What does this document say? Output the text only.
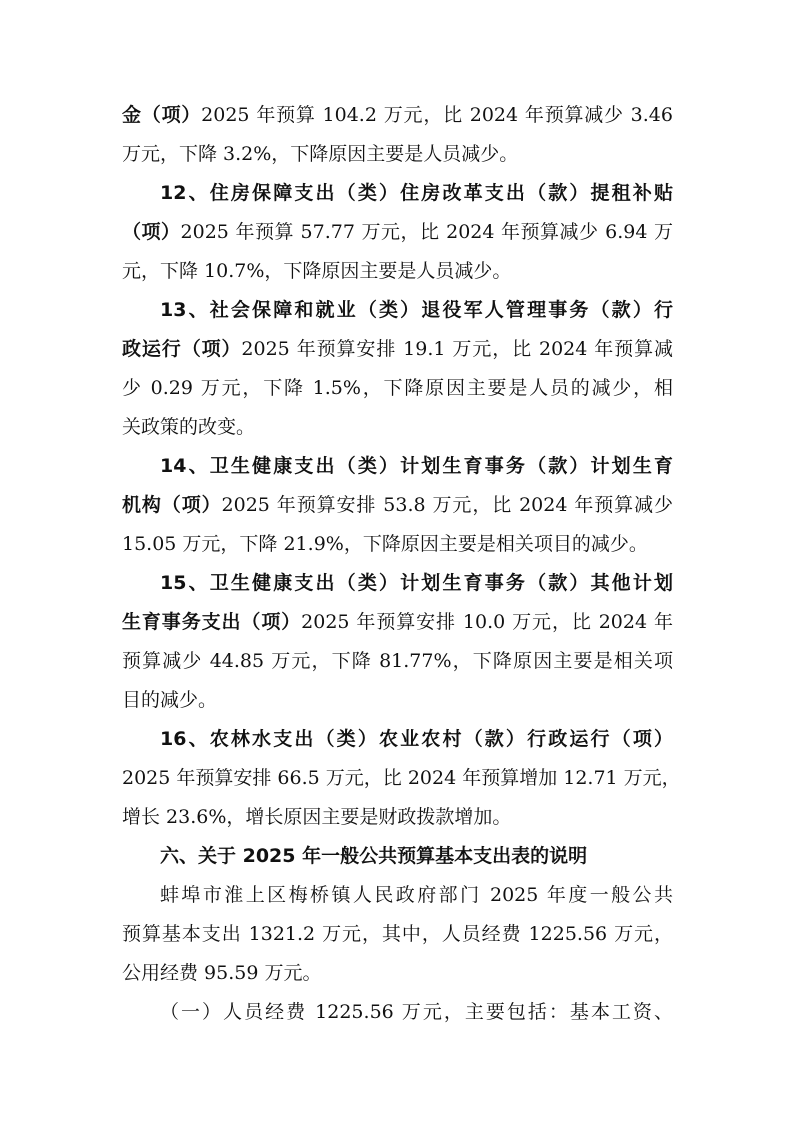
金（项）2025 年预算 104.2 万元，比 2024 年预算减少 3.46
万元，下降 3.2%，下降原因主要是人员减少。
12、住房保障支出（类）住房改革支出（款）提租补贴
（项）2025 年预算 57.77 万元，比 2024 年预算减少 6.94 万
元，下降 10.7%，下降原因主要是人员减少。
13、社会保障和就业（类）退役军人管理事务（款）行
政运行（项）2025 年预算安排 19.1 万元，比 2024 年预算减
少 0.29 万元，下降 1.5%，下降原因主要是人员的减少，相
关政策的改变。
14、卫生健康支出（类）计划生育事务（款）计划生育
机构（项）2025 年预算安排 53.8 万元，比 2024 年预算减少
15.05 万元，下降 21.9%，下降原因主要是相关项目的减少。
15、卫生健康支出（类）计划生育事务（款）其他计划
生育事务支出（项）2025 年预算安排 10.0 万元，比 2024 年
预算减少 44.85 万元，下降 81.77%，下降原因主要是相关项
目的减少。
16、农林水支出（类）农业农村（款）行政运行（项）
2025 年预算安排 66.5 万元，比 2024 年预算增加 12.71 万元，
增长 23.6%，增长原因主要是财政拨款增加。
六、关于 2025 年一般公共预算基本支出表的说明
蚌埠市淮上区梅桥镇人民政府部门 2025 年度一般公共
预算基本支出 1321.2 万元，其中，人员经费 1225.56 万元，
公用经费 95.59 万元。
（一）人员经费 1225.56 万元，主要包括：基本工资、
